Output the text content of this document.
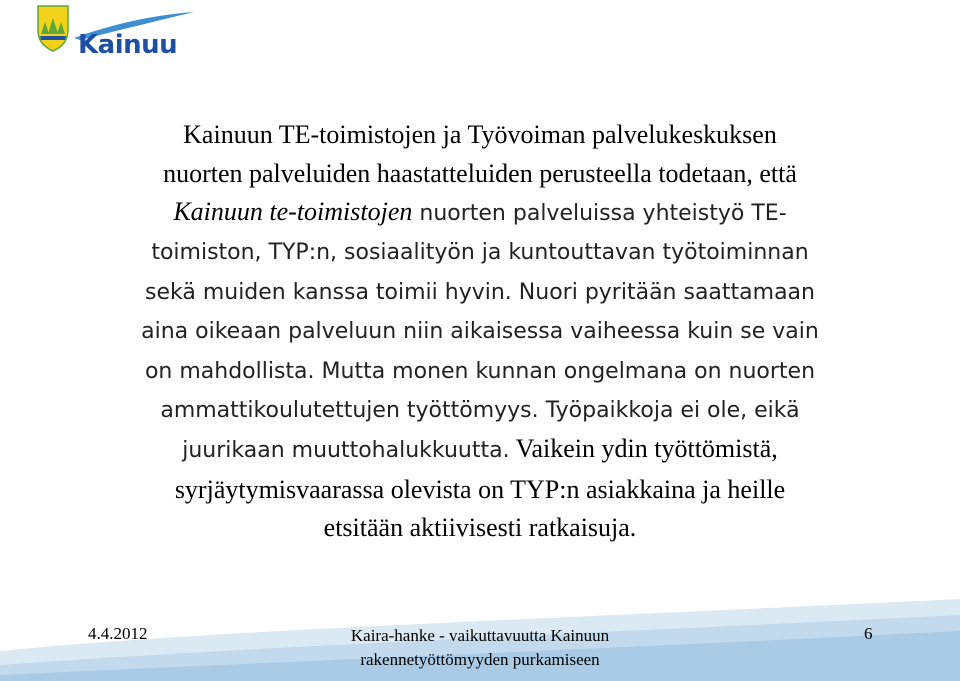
Kainuu
Kainuun TE-toimistojen ja Työvoiman palvelukeskuksen
nuorten palveluiden haastatteluiden perusteella todetaan, että
Kainuun te-toimistojen nuorten palveluissa yhteistyö TE-
toimiston, TYP:n, sosiaalityön ja kuntouttavan työtoiminnan
sekä muiden kanssa toimii hyvin. Nuori pyritään saattamaan
aina oikeaan palveluun niin aikaisessa vaiheessa kuin se vain
on mahdollista. Mutta monen kunnan ongelmana on nuorten
ammattikoulutettujen työttömyys. Työpaikkoja ei ole, eikä
juurikaan muuttohalukkuutta. Vaikein ydin työttömistä,
syrjäytymisvaarassa olevista on TYP:n asiakkaina ja heille
etsitään aktiivisesti ratkaisuja.
4.4.2012	Kaira-hanke - vaikuttavuutta Kainuun
rakennetyöttömyyden purkamiseen
6
